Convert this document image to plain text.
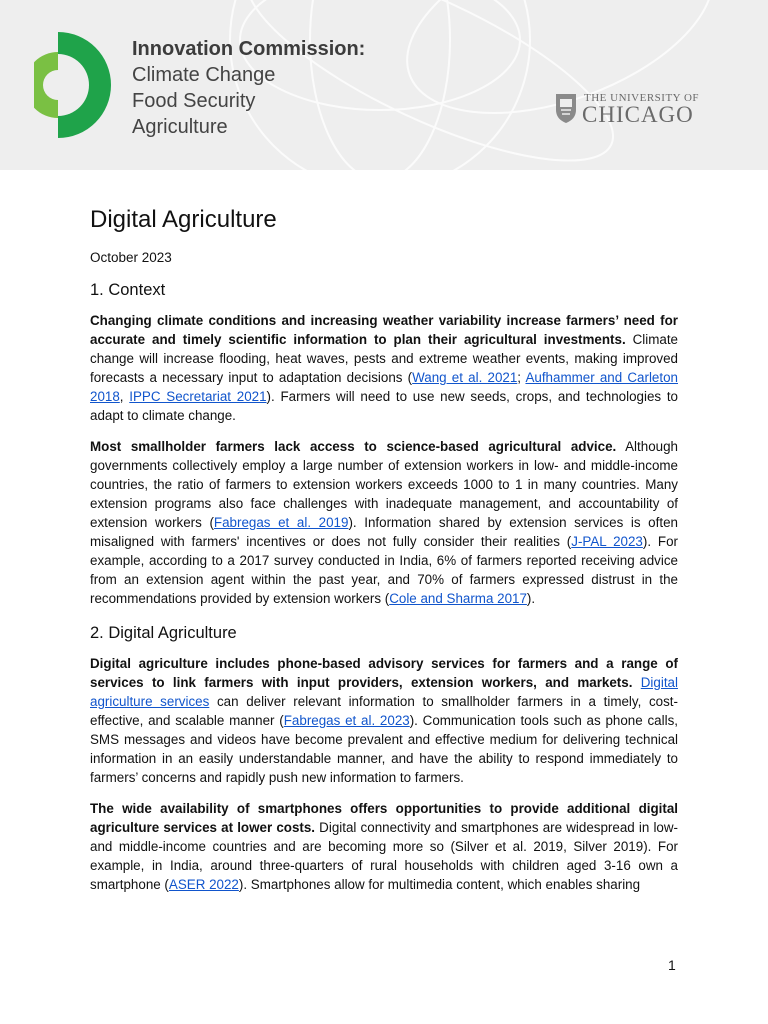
Innovation Commission:
Climate Change
Food Security
Agriculture
THE UNIVERSITY OF
CHICAGO
Digital Agriculture
October 2023
1. Context

Changing climate conditions and increasing weather variability increase farmers’ need for accurate and timely scientific information to plan their agricultural investments. Climate change will increase flooding, heat waves, pests and extreme weather events, making improved forecasts a necessary input to adaptation decisions (Wang et al. 2021; Aufhammer and Carleton 2018, IPPC Secretariat 2021). Farmers will need to use new seeds, crops, and technologies to adapt to climate change.

Most smallholder farmers lack access to science-based agricultural advice. Although governments collectively employ a large number of extension workers in low- and middle-income countries, the ratio of farmers to extension workers exceeds 1000 to 1 in many countries. Many extension programs also face challenges with inadequate management, and accountability of extension workers (Fabregas et al. 2019). Information shared by extension services is often misaligned with farmers' incentives or does not fully consider their realities (J-PAL 2023). For example, according to a 2017 survey conducted in India, 6% of farmers reported receiving advice from an extension agent within the past year, and 70% of farmers expressed distrust in the recommendations provided by extension workers (Cole and Sharma 2017).

2. Digital Agriculture

Digital agriculture includes phone-based advisory services for farmers and a range of services to link farmers with input providers, extension workers, and markets. Digital agriculture services can deliver relevant information to smallholder farmers in a timely, cost-effective, and scalable manner (Fabregas et al. 2023). Communication tools such as phone calls, SMS messages and videos have become prevalent and effective medium for delivering technical information in an easily understandable manner, and have the ability to respond immediately to farmers’ concerns and rapidly push new information to farmers.

The wide availability of smartphones offers opportunities to provide additional digital agriculture services at lower costs. Digital connectivity and smartphones are widespread in low- and middle-income countries and are becoming more so (Silver et al. 2019, Silver 2019). For example, in India, around three-quarters of rural households with children aged 3-16 own a smartphone (ASER 2022). Smartphones allow for multimedia content, which enables sharing

1
